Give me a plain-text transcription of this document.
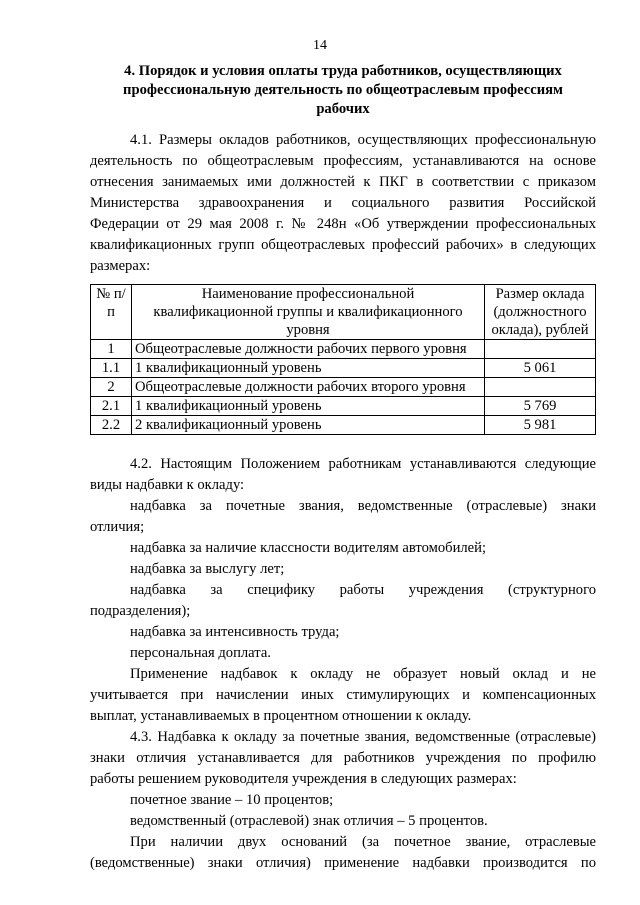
14
4. Порядок и условия оплаты труда работников, осуществляющих
профессиональную деятельность по общеотраслевым профессиям
рабочих
4.1. Размеры окладов работников, осуществляющих профессиональную
деятельность по общеотраслевым профессиям, устанавливаются на основе
отнесения занимаемых ими должностей к ПКГ в соответствии с приказом
Министерства здравоохранения и социального развития Российской
Федерации от 29 мая 2008 г. № 248н «Об утверждении профессиональных
квалификационных групп общеотраслевых профессий рабочих» в следующих
размерах:
№ п/п	Наименование профессиональной квалификационной группы и квалификационного уровня	Размер оклада (должностного оклада), рублей
1	Общеотраслевые должности рабочих первого уровня	
1.1	1 квалификационный уровень	5 061
2	Общеотраслевые должности рабочих второго уровня	
2.1	1 квалификационный уровень	5 769
2.2	2 квалификационный уровень	5 981
4.2. Настоящим Положением работникам устанавливаются следующие
виды надбавки к окладу:
надбавка за почетные звания, ведомственные (отраслевые) знаки
отличия;
надбавка за наличие классности водителям автомобилей;
надбавка за выслугу лет;
надбавка за специфику работы учреждения (структурного
подразделения);
надбавка за интенсивность труда;
персональная доплата.
Применение надбавок к окладу не образует новый оклад и не
учитывается при начислении иных стимулирующих и компенсационных
выплат, устанавливаемых в процентном отношении к окладу.
4.3. Надбавка к окладу за почетные звания, ведомственные (отраслевые)
знаки отличия устанавливается для работников учреждения по профилю
работы решением руководителя учреждения в следующих размерах:
почетное звание – 10 процентов;
ведомственный (отраслевой) знак отличия – 5 процентов.
При наличии двух оснований (за почетное звание, отраслевые
(ведомственные) знаки отличия) применение надбавки производится по
